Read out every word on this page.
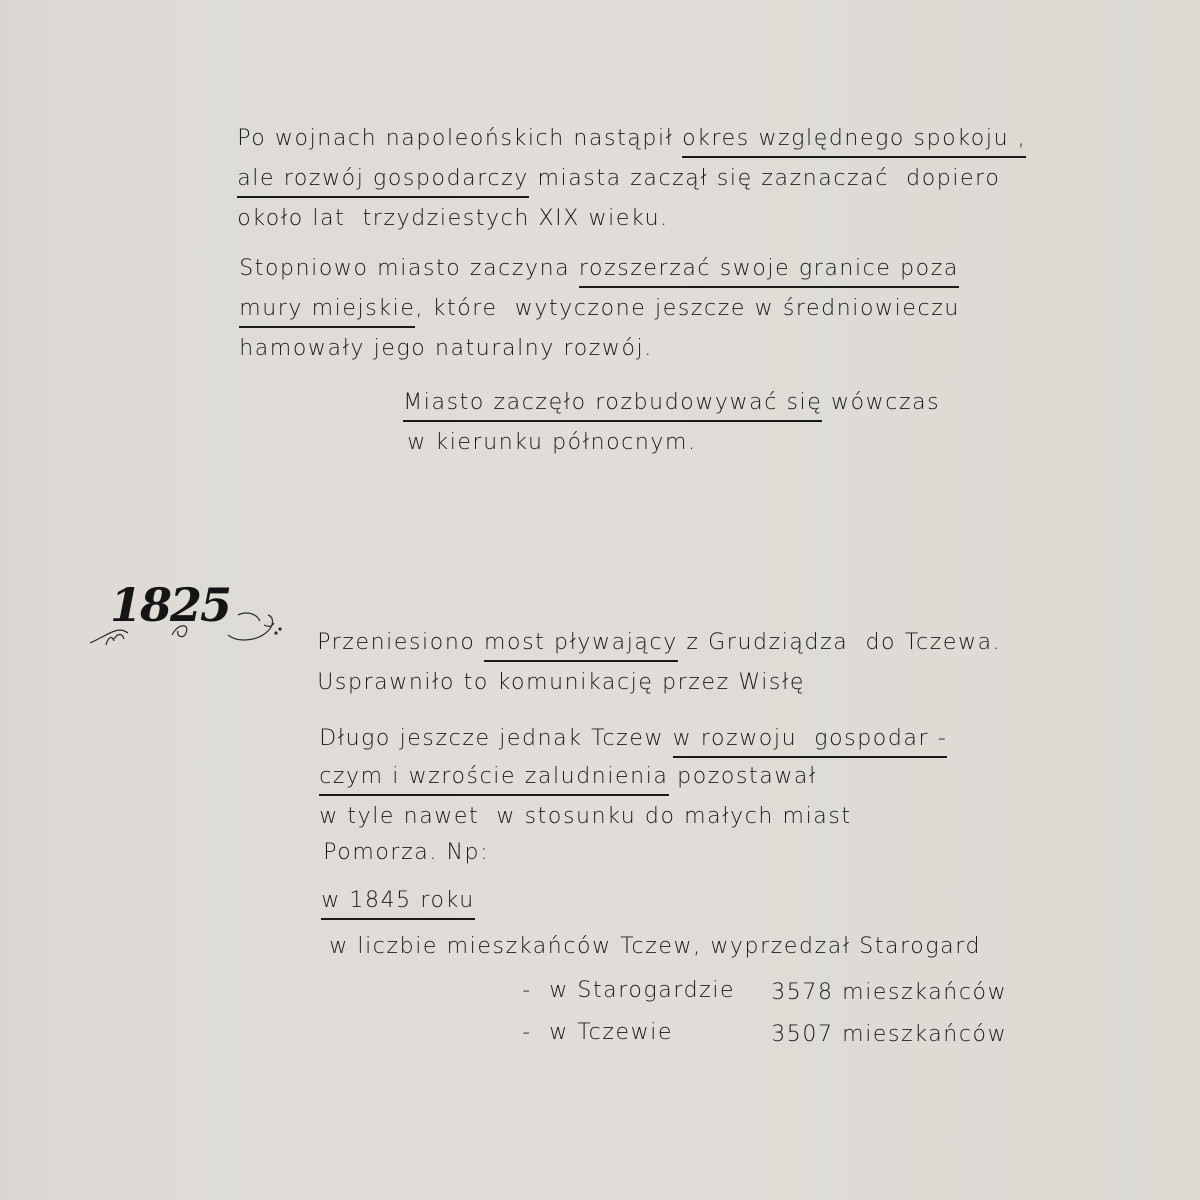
Po wojnach napoleońskich nastąpił okres względnego spokoju ,

ale rozwój gospodarczy miasta zaczął się zaznaczać  dopiero

około lat  trzydziestych XIX wieku.

Stopniowo miasto zaczyna rozszerzać swoje granice poza

mury miejskie, które  wytyczone jeszcze w średniowieczu

hamowały jego naturalny rozwój.

Miasto zaczęło rozbudowywać się wówczas

w kierunku północnym.

1825

Przeniesiono most pływający z Grudziądza  do Tczewa.

Usprawniło to komunikację przez Wisłę

Długo jeszcze jednak Tczew w rozwoju  gospodar -

czym i wzroście zaludnienia pozostawał

w tyle nawet  w stosunku do małych miast

Pomorza. Np:

w 1845 roku

w liczbie mieszkańców Tczew, wyprzedzał Starogard

- w Starogardzie	3578 mieszkańców

- w Tczewie	3507 mieszkańców
